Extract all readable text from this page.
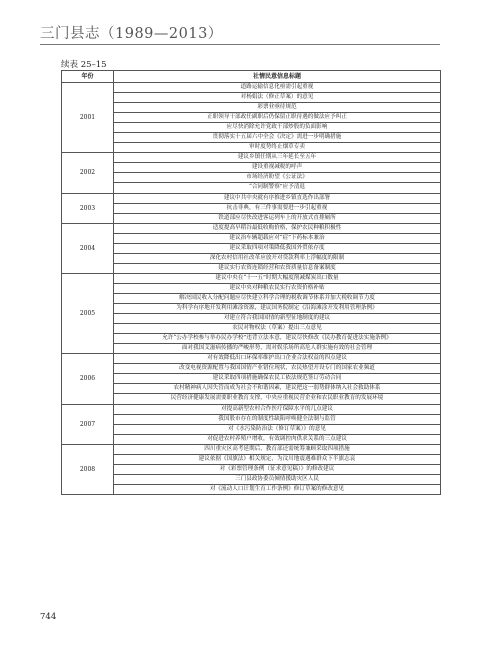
三门县志（1989—2013）
续表 25–15
年份	社情民意信息标题
2001	道路运输信息化亟需引起重视
	对杨娟法（修正草案）的意见
	彩票业亟待规范
	正职领导干部政任副职后仍保留正职待遇的做法应予纠正
	应尽快消除允许党政干部炒股的负面影响
	贯彻落实十五届六中全会《决定》需进一步明确措施
	审时度势终止烟草专卖
2002	建议乡镇任期从三年延长至五年
	建设重视减税的呼声
	市场经济盼望《公证法》
	“合同制警察”应予清退
2003	建议中共中央就有序推进乡镇直选作出部署
	抗击非典，有三件事需要进一步引起重视
	铁道部应尽快改进客运列车上的开放式直排厕所
2004	适度提高早稻谷最低收购价格，保护农民种粮积极性
	建议治车辆超载应对“症”下药标本兼治
	建议采取四项对策降低我国外贸依存度
	深化农村信用社改革应放开对贷款利率上浮幅度的限制
	建议实行农资连锁经营和农资质量信息备案制度
2005	建议中央在“十一五”时期大幅度削减煤炭出口数量
	建议中央对种粮农民实行农资价格补贴
	解决国民收入分配问题应尽快建立科学合理的税收调节体系并加大税收调节力度
	为科学有序地开发利用滩涂资源，建议国务院制定《沿海滩涂开发利用管理条例》
	对建立符合我国国情的新型征地制度的建议
	农民对物权法（草案）提出三点意见
	允许“公办学校参与举办民办学校”违背立法本意，建议尽快修改《民办教育促进法实施条例》
	面对我国艾滋病传播的严峻形势，需对娱乐场所高危人群实施有效的社会管理
2006	对有效降低出口环保率维护出口企业合法权益的四点建议
	改变电视资源配置与我国国情产业错位现状，农民热望开设专门的国家农业频道
	建议采取四项措施确保农民工依法规范签订劳动合同
	农村精神病人因失管而成为社会不和谐因素，建议把这一弱势群体纳入社会救助体系
	民营经济健康发展需要职业教育支撑，中央应重视民营企业和农民职业教育的发展环境
2007	对提高新型农村合作医疗保障水平的几点建议
	我国股市存在的制度性缺陷呼唤健全法制与监管
	对《水污染防治法（修订草案）》的意见
	对促进农村养殖户增收，有效调控肉供求关系的三点建议
2008	四川重灾区高考延期后，教育部还需统筹兼顾采取四项措施
	建议依据《国旗法》相关规定，为汶川地震遇难群众下半旗志哀
	对《彩票管理条例（征求意见稿）》的修改建议
	三门县政协委员倾情援助灾区人民
	对《流动人口计划生育工作条例》修订草案的修改意见
744
